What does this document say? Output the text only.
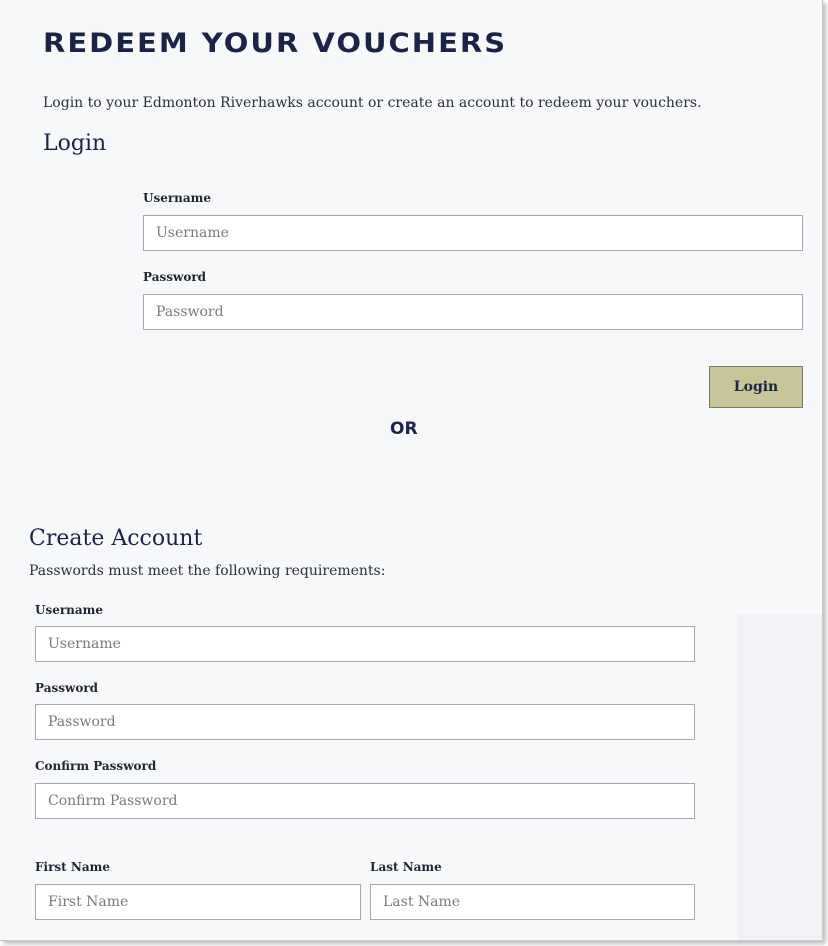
REDEEM YOUR VOUCHERS

Login to your Edmonton Riverhawks account or create an account to redeem your vouchers.

Login
Username
Username
Password
Login
OR
Create Account

Passwords must meet the following requirements:

Username
Username
Password
Confirm Password
First Name
First Name	Last Name
Last Name
